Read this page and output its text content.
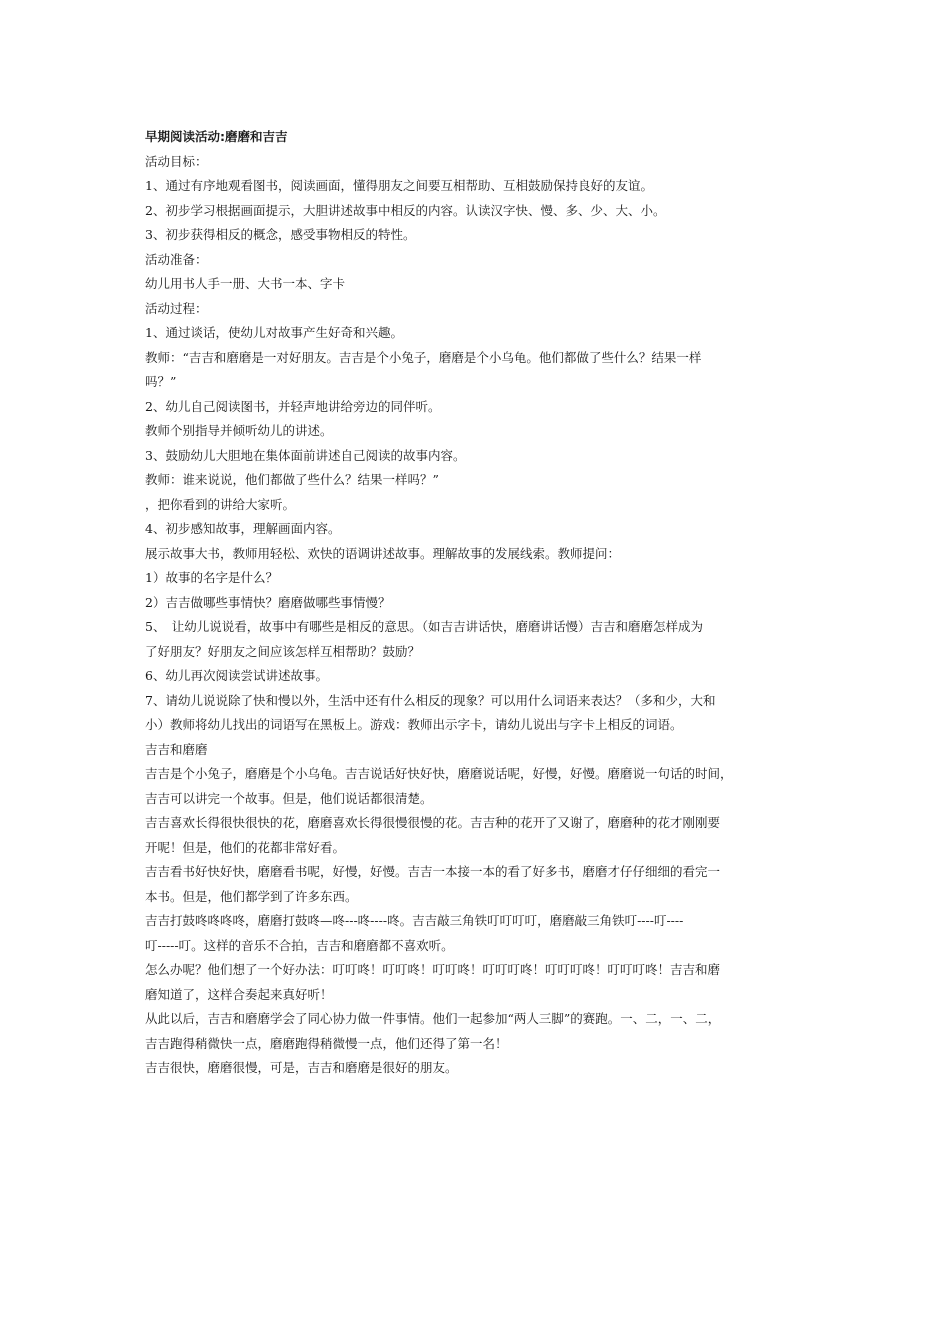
早期阅读活动:磨磨和吉吉

活动目标：

1、通过有序地观看图书，阅读画面，懂得朋友之间要互相帮助、互相鼓励保持良好的友谊。

2、初步学习根据画面提示，大胆讲述故事中相反的内容。认读汉字快、慢、多、少、大、小。

3、初步获得相反的概念，感受事物相反的特性。

活动准备：

幼儿用书人手一册、大书一本、字卡

活动过程：

1、通过谈话，使幼儿对故事产生好奇和兴趣。

教师：“吉吉和磨磨是一对好朋友。吉吉是个小兔子，磨磨是个小乌龟。他们都做了些什么？结果一样

吗？”

2、幼儿自己阅读图书，并轻声地讲给旁边的同伴听。

教师个别指导并倾听幼儿的讲述。

3、鼓励幼儿大胆地在集体面前讲述自己阅读的故事内容。

教师：谁来说说，他们都做了些什么？结果一样吗？”

，把你看到的讲给大家听。

4、初步感知故事，理解画面内容。

展示故事大书，教师用轻松、欢快的语调讲述故事。理解故事的发展线索。教师提问：

1）故事的名字是什么？

2）吉吉做哪些事情快？磨磨做哪些事情慢？

5、　让幼儿说说看，故事中有哪些是相反的意思。（如吉吉讲话快，磨磨讲话慢）吉吉和磨磨怎样成为

了好朋友？好朋友之间应该怎样互相帮助？鼓励？

6、幼儿再次阅读尝试讲述故事。

7、请幼儿说说除了快和慢以外，生活中还有什么相反的现象？可以用什么词语来表达？（多和少，大和

小）教师将幼儿找出的词语写在黑板上。游戏：教师出示字卡，请幼儿说出与字卡上相反的词语。

吉吉和磨磨

吉吉是个小兔子，磨磨是个小乌龟。吉吉说话好快好快，磨磨说话呢，好慢，好慢。磨磨说一句话的时间，

吉吉可以讲完一个故事。但是，他们说话都很清楚。

吉吉喜欢长得很快很快的花，磨磨喜欢长得很慢很慢的花。吉吉种的花开了又谢了，磨磨种的花才刚刚要

开呢！但是，他们的花都非常好看。

吉吉看书好快好快，磨磨看书呢，好慢，好慢。吉吉一本接一本的看了好多书，磨磨才仔仔细细的看完一

本书。但是，他们都学到了许多东西。

吉吉打鼓咚咚咚咚，磨磨打鼓咚—咚---咚----咚。吉吉敲三角铁叮叮叮叮，磨磨敲三角铁叮----叮----

叮-----叮。这样的音乐不合拍，吉吉和磨磨都不喜欢听。

怎么办呢？他们想了一个好办法：叮叮咚！叮叮咚！叮叮咚！叮叮叮咚！叮叮叮咚！叮叮叮咚！吉吉和磨

磨知道了，这样合奏起来真好听！

从此以后，吉吉和磨磨学会了同心协力做一件事情。他们一起参加“两人三脚”的赛跑。一、二，一、二，

吉吉跑得稍微快一点，磨磨跑得稍微慢一点，他们还得了第一名！

吉吉很快，磨磨很慢，可是，吉吉和磨磨是很好的朋友。
